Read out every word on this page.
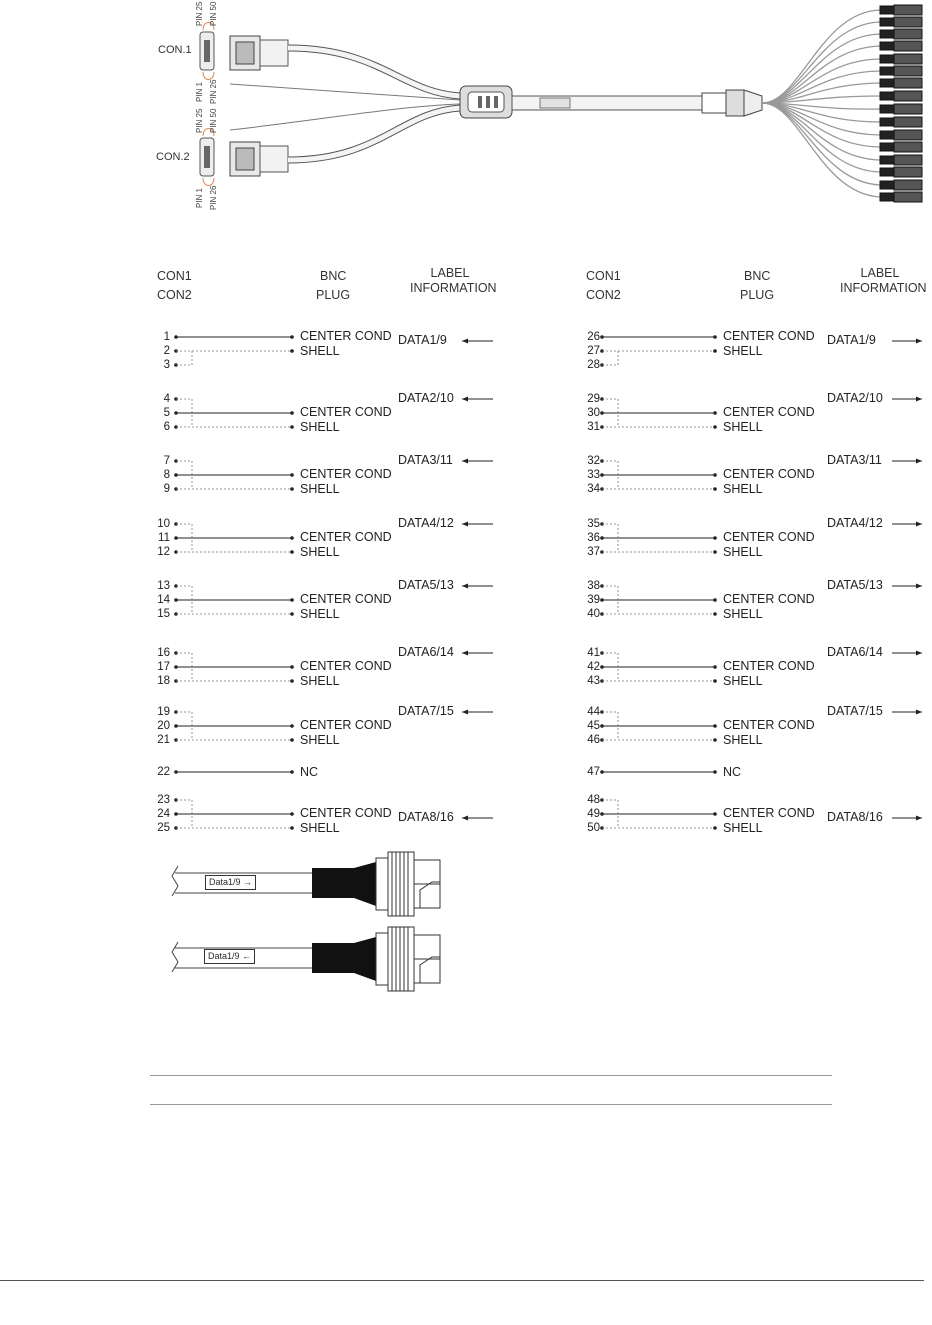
CON.1
CON.2
PIN 25 PIN 50
PIN 1 PIN 26
PIN 25 PIN 50
PIN 1 PIN 26
CON1
CON2
BNC
PLUG
LABEL
INFORMATION
CON1
CON2
BNC
PLUG
LABEL
INFORMATION
1
2
3
CENTER COND
SHELL
DATA1/9
4
5
6
CENTER COND
SHELL
DATA2/10
7
8
9
CENTER COND
SHELL
DATA3/11
10
11
12
CENTER COND
SHELL
DATA4/12
13
14
15
CENTER COND
SHELL
DATA5/13
16
17
18
CENTER COND
SHELL
DATA6/14
19
20
21
CENTER COND
SHELL
DATA7/15
22	NC
23
24
25
CENTER COND
SHELL
DATA8/16
26
27
28
CENTER COND
SHELL
DATA1/9
29
30
31
CENTER COND
SHELL
DATA2/10
32
33
34
CENTER COND
SHELL
DATA3/11
35
36
37
CENTER COND
SHELL
DATA4/12
38
39
40
CENTER COND
SHELL
DATA5/13
41
42
43
CENTER COND
SHELL
DATA6/14
44
45
46
CENTER COND
SHELL
DATA7/15
47	NC
48
49
50
CENTER COND
SHELL
DATA8/16
Data1/9 →
Data1/9 ←
